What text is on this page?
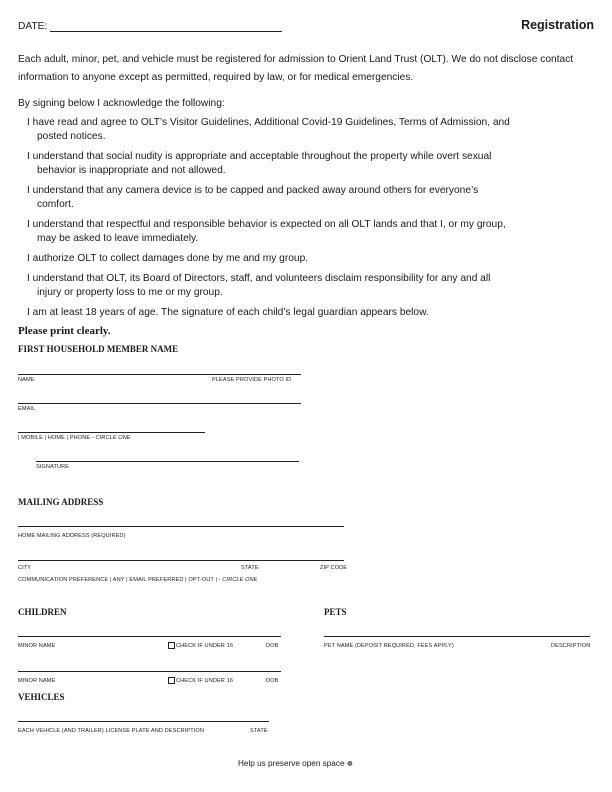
DATE:	Registration
Each adult, minor, pet, and vehicle must be registered for admission to Orient Land Trust (OLT). We do not disclose contact information to anyone except as permitted, required by law, or for medical emergencies.
By signing below I acknowledge the following:
I have read and agree to OLT’s Visitor Guidelines, Additional Covid-19 Guidelines, Terms of Admission, and
posted notices.
I understand that social nudity is appropriate and acceptable throughout the property while overt sexual
behavior is inappropriate and not allowed.
I understand that any camera device is to be capped and packed away around others for everyone’s
comfort.
I understand that respectful and responsible behavior is expected on all OLT lands and that I, or my group,
may be asked to leave immediately.
I authorize OLT to collect damages done by me and my group.
I understand that OLT, its Board of Directors, staff, and volunteers disclaim responsibility for any and all
injury or property loss to me or my group.
I am at least 18 years of age. The signature of each child’s legal guardian appears below.
Please print clearly.
FIRST HOUSEHOLD MEMBER NAME
NAME	PLEASE PROVIDE PHOTO ID
EMAIL
| MOBILE | HOME | PHONE - CIRCLE ONE
SIGNATURE
MAILING ADDRESS
HOME MAILING ADDRESS (REQUIRED)
CITY	STATE	ZIP CODE
COMMUNICATION PREFERENCE | ANY | EMAIL PREFERRED | OPT-OUT | - CIRCLE ONE
CHILDREN
MINOR NAME	CHECK IF UNDER 16	DOB
MINOR NAME	CHECK IF UNDER 16	DOB
PETS
PET NAME (DEPOSIT REQUIRED, FEES APPLY)	DESCRIPTION
VEHICLES
EACH VEHICLE (AND TRAILER) LICENSE PLATE AND DESCRIPTION	STATE
Help us preserve open space ☸
